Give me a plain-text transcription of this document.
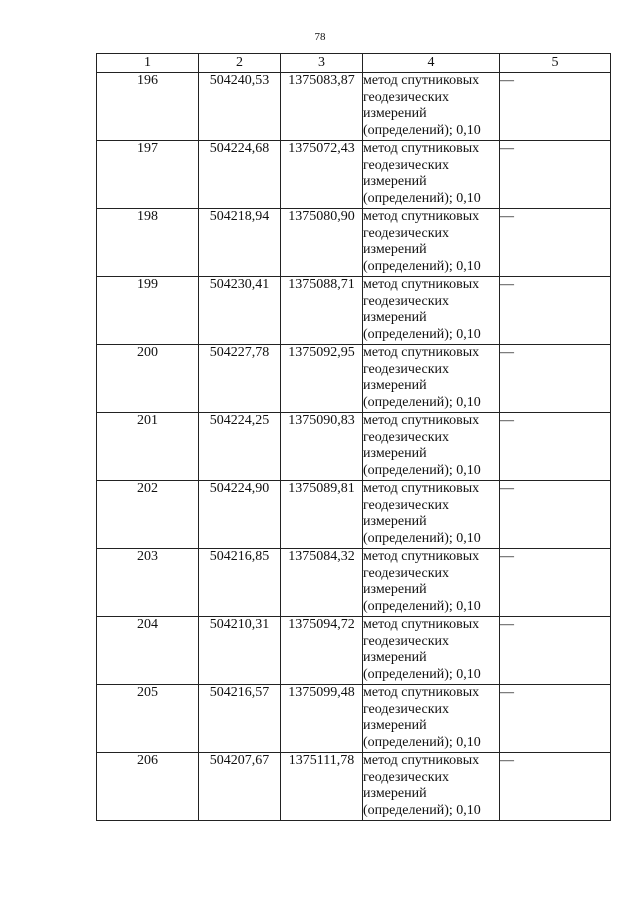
78
1	2	3	4	5
196	504240,53	1375083,87	метод спутниковых
геодезических
измерений
(определений); 0,10	—
197	504224,68	1375072,43	метод спутниковых
геодезических
измерений
(определений); 0,10	—
198	504218,94	1375080,90	метод спутниковых
геодезических
измерений
(определений); 0,10	—
199	504230,41	1375088,71	метод спутниковых
геодезических
измерений
(определений); 0,10	—
200	504227,78	1375092,95	метод спутниковых
геодезических
измерений
(определений); 0,10	—
201	504224,25	1375090,83	метод спутниковых
геодезических
измерений
(определений); 0,10	—
202	504224,90	1375089,81	метод спутниковых
геодезических
измерений
(определений); 0,10	—
203	504216,85	1375084,32	метод спутниковых
геодезических
измерений
(определений); 0,10	—
204	504210,31	1375094,72	метод спутниковых
геодезических
измерений
(определений); 0,10	—
205	504216,57	1375099,48	метод спутниковых
геодезических
измерений
(определений); 0,10	—
206	504207,67	1375111,78	метод спутниковых
геодезических
измерений
(определений); 0,10	—
